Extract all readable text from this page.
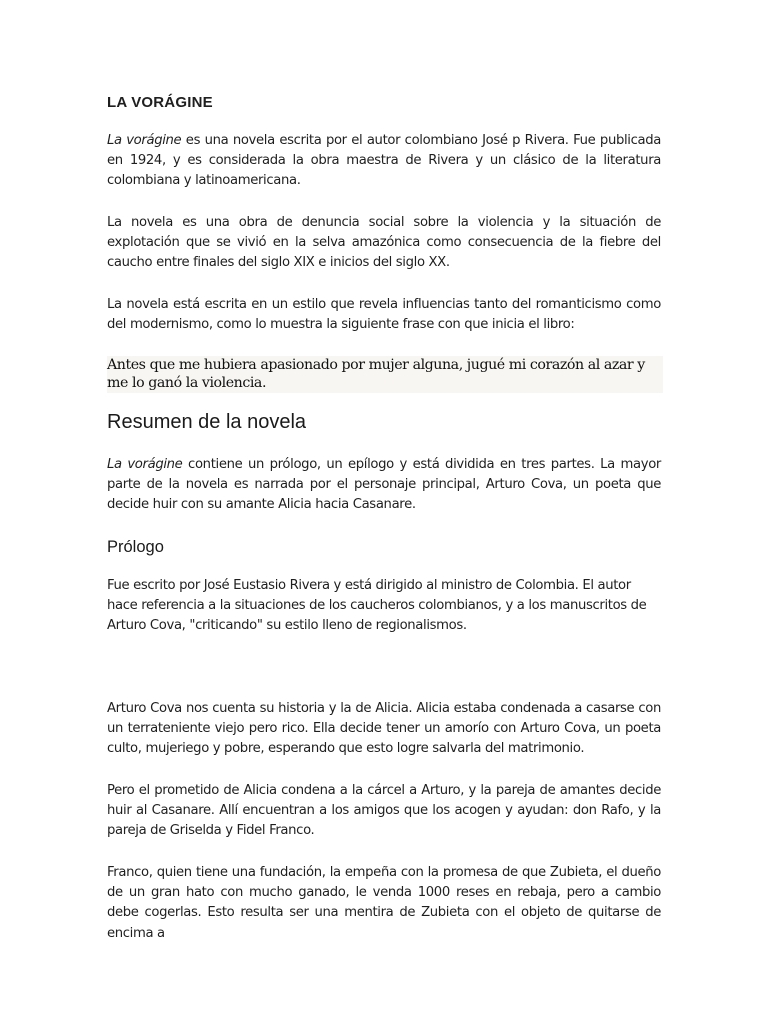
LA VORÁGINE

La vorágine es una novela escrita por el autor colombiano José p Rivera. Fue publicada en 1924, y es considerada la obra maestra de Rivera y un clásico de la literatura colombiana y latinoamericana.

La novela es una obra de denuncia social sobre la violencia y la situación de explotación que se vivió en la selva amazónica como consecuencia de la fiebre del caucho entre finales del siglo XIX e inicios del siglo XX.

La novela está escrita en un estilo que revela influencias tanto del romanticismo como del modernismo, como lo muestra la siguiente frase con que inicia el libro:

Antes que me hubiera apasionado por mujer alguna, jugué mi corazón al azar y me lo ganó la violencia.

Resumen de la novela

La vorágine contiene un prólogo, un epílogo y está dividida en tres partes. La mayor parte de la novela es narrada por el personaje principal, Arturo Cova, un poeta que decide huir con su amante Alicia hacia Casanare.

Prólogo

Fue escrito por José Eustasio Rivera y está dirigido al ministro de Colombia. El autor hace referencia a la situaciones de los caucheros colombianos, y a los manuscritos de Arturo Cova, "criticando" su estilo lleno de regionalismos.

Arturo Cova nos cuenta su historia y la de Alicia. Alicia estaba condenada a casarse con un terrateniente viejo pero rico. Ella decide tener un amorío con Arturo Cova, un poeta culto, mujeriego y pobre, esperando que esto logre salvarla del matrimonio.

Pero el prometido de Alicia condena a la cárcel a Arturo, y la pareja de amantes decide huir al Casanare. Allí encuentran a los amigos que los acogen y ayudan: don Rafo, y la pareja de Griselda y Fidel Franco.

Franco, quien tiene una fundación, la empeña con la promesa de que Zubieta, el dueño de un gran hato con mucho ganado, le venda 1000 reses en rebaja, pero a cambio debe cogerlas. Esto resulta ser una mentira de Zubieta con el objeto de quitarse de encima a
